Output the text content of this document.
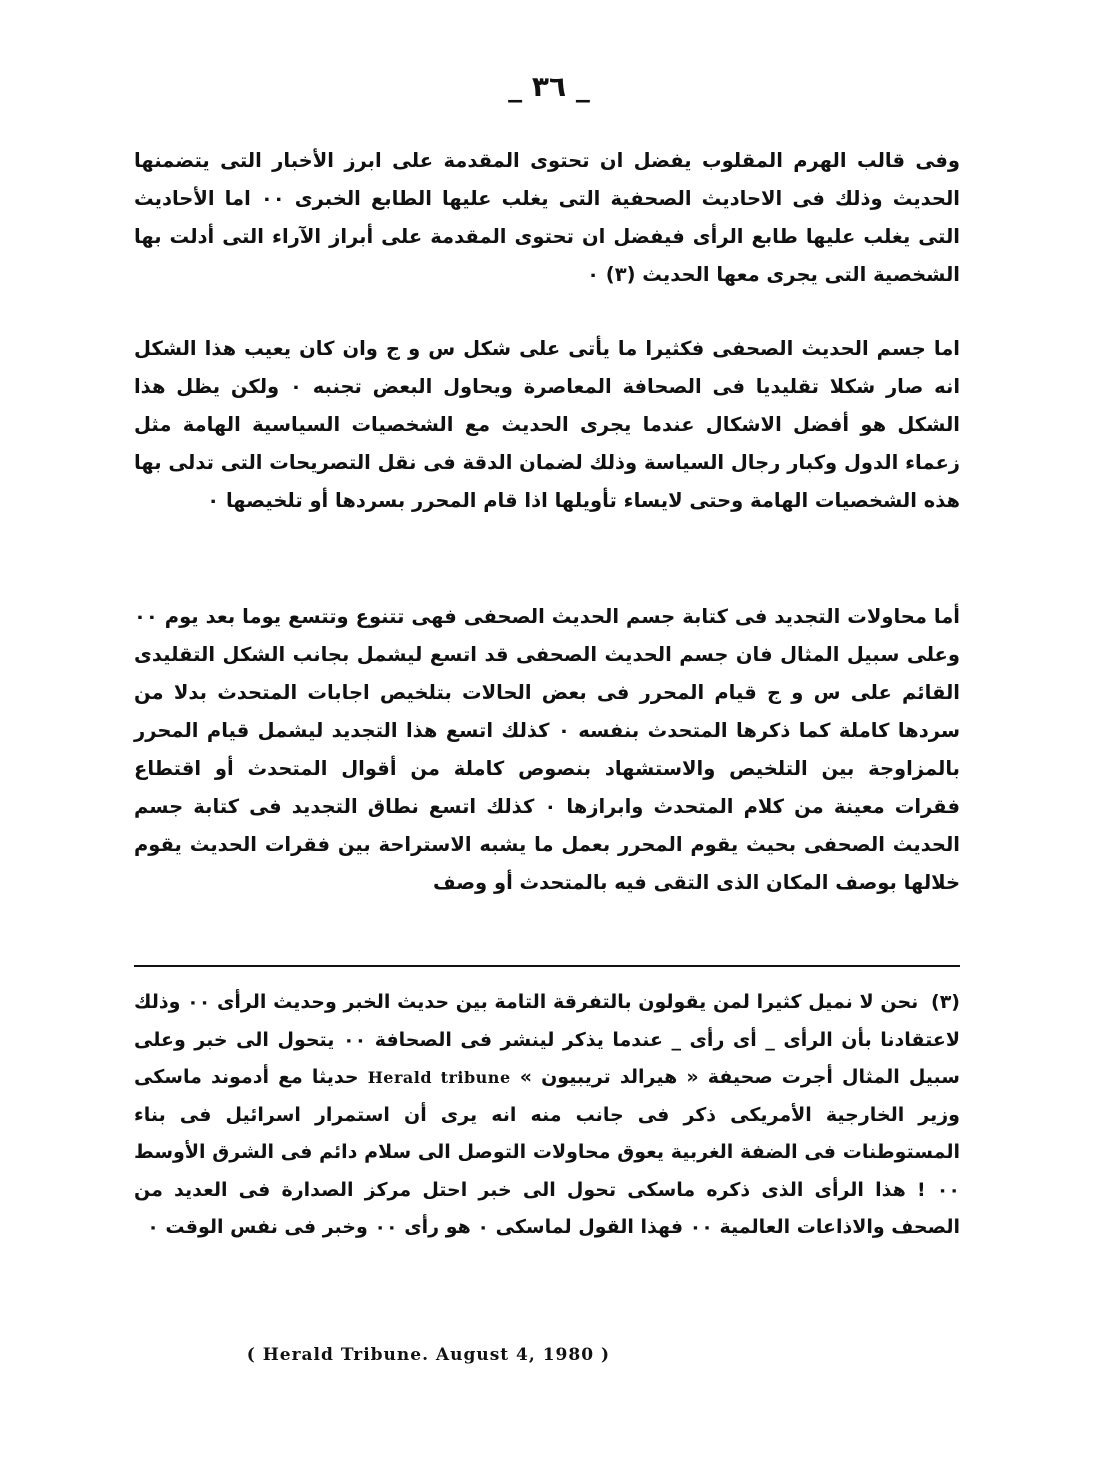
_ ٣٦ _

وفى قالب الهرم المقلوب يفضل ان تحتوى المقدمة على ابرز الأخبار التى يتضمنها الحديث وذلك فى الاحاديث الصحفية التى يغلب عليها الطابع الخبرى ٠٠ اما الأحاديث التى يغلب عليها طابع الرأى فيفضل ان تحتوى المقدمة على أبراز الآراء التى أدلت بها الشخصية التى يجرى معها الحديث (٣) ٠

اما جسم الحديث الصحفى فكثيرا ما يأتى على شكل س و ج وان كان يعيب هذا الشكل انه صار شكلا تقليديا فى الصحافة المعاصرة ويحاول البعض تجنبه ٠ ولكن يظل هذا الشكل هو أفضل الاشكال عندما يجرى الحديث مع الشخصيات السياسية الهامة مثل زعماء الدول وكبار رجال السياسة وذلك لضمان الدقة فى نقل التصريحات التى تدلى بها هذه الشخصيات الهامة وحتى لايساء تأويلها اذا قام المحرر بسردها أو تلخيصها ٠

أما محاولات التجديد فى كتابة جسم الحديث الصحفى فهى تتنوع وتتسع يوما بعد يوم ٠٠ وعلى سبيل المثال فان جسم الحديث الصحفى قد اتسع ليشمل بجانب الشكل التقليدى القائم على س و ج قيام المحرر فى بعض الحالات بتلخيص اجابات المتحدث بدلا من سردها كاملة كما ذكرها المتحدث بنفسه ٠ كذلك اتسع هذا التجديد ليشمل قيام المحرر بالمزاوجة بين التلخيص والاستشهاد بنصوص كاملة من أقوال المتحدث أو اقتطاع فقرات معينة من كلام المتحدث وابرازها ٠ كذلك اتسع نطاق التجديد فى كتابة جسم الحديث الصحفى بحيث يقوم المحرر بعمل ما يشبه الاستراحة بين فقرات الحديث يقوم خلالها بوصف المكان الذى التقى فيه بالمتحدث أو وصف

(٣) نحن لا نميل كثيرا لمن يقولون بالتفرقة التامة بين حديث الخبر وحديث الرأى ٠٠ وذلك لاعتقادنا بأن الرأى _ أى رأى _ عندما يذكر لينشر فى الصحافة ٠٠ يتحول الى خبر وعلى سبيل المثال أجرت صحيفة « هيرالد تريبيون » Herald tribune حديثا مع أدموند ماسكى وزير الخارجية الأمريكى ذكر فى جانب منه انه يرى أن استمرار اسرائيل فى بناء المستوطنات فى الضفة الغربية يعوق محاولات التوصل الى سلام دائم فى الشرق الأوسط ٠٠ ! هذا الرأى الذى ذكره ماسكى تحول الى خبر احتل مركز الصدارة فى العديد من الصحف والاذاعات العالمية ٠٠ فهذا القول لماسكى ٠ هو رأى ٠٠ وخبر فى نفس الوقت ٠

( Herald Tribune. August 4, 1980 )
